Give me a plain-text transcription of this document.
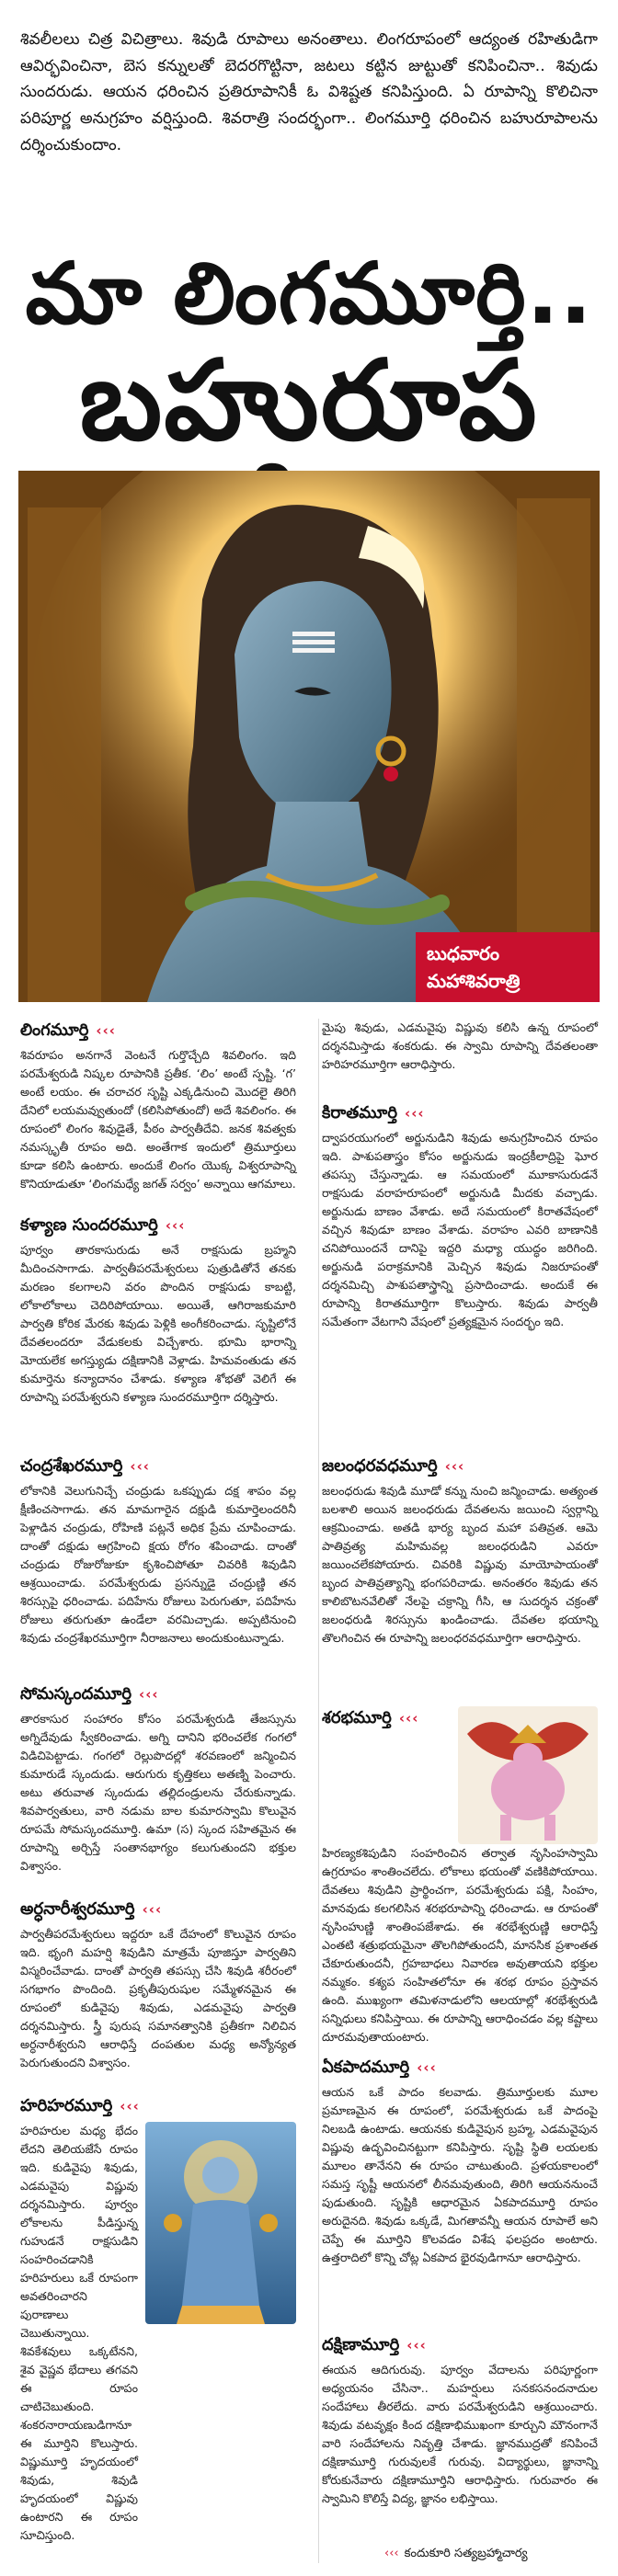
శివలీలలు చిత్ర విచిత్రాలు. శివుడి రూపాలు అనంతాలు. లింగరూపంలో ఆద్యంత రహితుడిగా ఆవిర్భవించినా, బెస కన్నులతో బెదరగొట్టినా, జటలు కట్టిన జుట్టుతో కనిపించినా.. శివుడు సుందరుడు. ఆయన ధరించిన ప్రతిరూపానికీ ఓ విశిష్టత కనిపిస్తుంది. ఏ రూపాన్ని కొలిచినా పరిపూర్ణ అనుగ్రహం వర్షిస్తుంది. శివరాత్రి సందర్భంగా.. లింగమూర్తి ధరించిన బహురూపాలను దర్శించుకుందాం.

మా లింగమూర్తి..
బహురూప
బుధవారం
మహాశివరాత్రి
లింగమూర్తి ‹‹‹

శివరూపం అనగానే వెంటనే గుర్తొచ్చేది శివలింగం. ఇది పరమేశ్వరుడి నిష్కల రూపానికి ప్రతీక. ‘లిం’ అంటే స్పష్టి. ‘గ’ అంటే లయం. ఈ చరాచర సృష్టి ఎక్కడినుంచి మొదలై తిరిగి దేనిలో లయమవ్వుతుందో (కలిసిపోతుందో) అదే శివలింగం. ఈ రూపంలో లింగం శివుడైతే, పీఠం పార్వతీదేవి. జనక శివత్వకు నమస్కృతీ రూపం అది. అంతేగాక ఇందులో త్రిమూర్తులు కూడా కలిసి ఉంటారు. అందుకే లింగం యొక్క విశ్వరూపాన్ని కొనియాడుతూ ‘లింగమధ్యే జగత్‌ సర్వం’ అన్నాయి ఆగమాలు.

కళ్యాణ సుందరమూర్తి ‹‹‹

పూర్వం తారకాసురుడు అనే రాక్షసుడు బ్రహ్మని మీదించసాగాడు. పార్వతీపరమేశ్వరులు పుత్రుడితోనే తనకు మరణం కలగాలని వరం పొందిన రాక్షసుడు కాబట్టి, లోకాలోకాలు చెదిరిపోయాయి. అయితే, ఆగిరాజకుమారి పార్వతి కోరిక మేరకు శివుడు పెళ్లికి అంగీకరించాడు. సృష్టిలోనే దేవతలందరూ వేడుకలకు విచ్చేశారు. భూమి భారాన్ని మోయలేక అగస్త్యుడు దక్షిణానికి వెళ్లాడు. హిమవంతుడు తన కుమార్తెను కన్యాదానం చేశాడు. కళ్యాణ శోభతో వెలిగే ఈ రూపాన్ని పరమేశ్వరుని కళ్యాణ సుందరమూర్తిగా దర్శిస్తారు.

చంద్రశేఖరమూర్తి ‹‹‹

లోకానికి వెలుగునిచ్చే చంద్రుడు ఒకప్పుడు దక్ష శాపం వల్ల క్షీణించసాగాడు. తన మామగారైన దక్షుడి కుమార్తెలందరినీ పెళ్లాడిన చంద్రుడు, రోహిణి పట్లనే అధిక ప్రేమ చూపించాడు. దాంతో దక్షుడు ఆగ్రహించి క్షయ రోగం శపించాడు. దాంతో చంద్రుడు రోజురోజుకూ కృశించిపోతూ చివరికి శివుడిని ఆశ్రయించాడు. పరమేశ్వరుడు ప్రసన్నుడై చంద్రుణ్ణి తన శిరస్సుపై ధరించాడు. పదిహేను రోజులు పెరుగుతూ, పదిహేను రోజులు తరుగుతూ ఉండేలా వరమిచ్చాడు. అప్పటినుంచి శివుడు చంద్రశేఖరమూర్తిగా నీరాజనాలు అందుకుంటున్నాడు.

సోమస్కందమూర్తి ‹‹‹

తారకాసుర సంహారం కోసం పరమేశ్వరుడి తేజస్సును అగ్నిదేవుడు స్వీకరించాడు. అగ్ని దానిని భరించలేక గంగలో విడిచిపెట్టాడు. గంగలో రెల్లుపొదల్లో శరవణంలో జన్మించిన కుమారుడే స్కందుడు. ఆరుగురు కృత్తికలు అతణ్ని పెంచారు. అటు తరువాత స్కందుడు తల్లిదండ్రులను చేరుకున్నాడు. శివపార్వతులు, వారి నడుమ బాల కుమారస్వామి కొలువైన రూపమే సోమస్కందమూర్తి. ఉమా (స) స్కంద సహితమైన ఈ రూపాన్ని అర్చిస్తే సంతానభాగ్యం కలుగుతుందని భక్తుల విశ్వాసం.

అర్ధనారీశ్వరమూర్తి ‹‹‹

పార్వతీపరమేశ్వరులు ఇద్దరూ ఒకే దేహంలో కొలువైన రూపం ఇది. భృంగి మహర్షి శివుడిని మాత్రమే పూజిస్తూ పార్వతిని విస్మరించేవాడు. దాంతో పార్వతి తపస్సు చేసి శివుడి శరీరంలో సగభాగం పొందింది. ప్రకృతీపురుషుల సమ్మేళనమైన ఈ రూపంలో కుడివైపు శివుడు, ఎడమవైపు పార్వతి దర్శనమిస్తారు. స్త్రీ పురుష సమానత్వానికి ప్రతీకగా నిలిచిన అర్ధనారీశ్వరుని ఆరాధిస్తే దంపతుల మధ్య అన్యోన్యత పెరుగుతుందని విశ్వాసం.

హరిహరమూర్తి ‹‹‹

హరిహరుల మధ్య భేదం లేదని తెలియజేసే రూపం ఇది. కుడివైపు శివుడు, ఎడమవైపు విష్ణువు దర్శనమిస్తారు. పూర్వం లోకాలను పీడిస్తున్న గుహుడనే రాక్షసుడిని సంహరించడానికి హరిహరులు ఒకే రూపంగా అవతరించారని పురాణాలు చెబుతున్నాయి. శివకేశవులు ఒక్కటేనని, శైవ వైష్ణవ భేదాలు తగవని ఈ రూపం చాటిచెబుతుంది. శంకరనారాయణుడిగానూ ఈ మూర్తిని కొలుస్తారు. విష్ణుమూర్తి హృదయంలో శివుడు, శివుడి హృదయంలో విష్ణువు ఉంటారని ఈ రూపం సూచిస్తుంది.

మైపు శివుడు, ఎడమవైపు విష్ణువు కలిసి ఉన్న రూపంలో దర్శనమిస్తాడు శంకరుడు. ఈ స్వామి రూపాన్ని దేవతలంతా హరిహరమూర్తిగా ఆరాధిస్తారు.

కిరాతమూర్తి ‹‹‹

ద్వాపరయుగంలో అర్జునుడిని శివుడు అనుగ్రహించిన రూపం ఇది. పాశుపతాస్త్రం కోసం అర్జునుడు ఇంద్రకీలాద్రిపై ఘోర తపస్సు చేస్తున్నాడు. ఆ సమయంలో మూకాసురుడనే రాక్షసుడు వరాహరూపంలో అర్జునుడి మీదకు వచ్చాడు. అర్జునుడు బాణం వేశాడు. అదే సమయంలో కిరాతవేషంలో వచ్చిన శివుడూ బాణం వేశాడు. వరాహం ఎవరి బాణానికి చనిపోయిందనే దానిపై ఇద్దరి మధ్యా యుద్ధం జరిగింది. అర్జునుడి పరాక్రమానికి మెచ్చిన శివుడు నిజరూపంతో దర్శనమిచ్చి పాశుపతాస్త్రాన్ని ప్రసాదించాడు. అందుకే ఈ రూపాన్ని కిరాతమూర్తిగా కొలుస్తారు. శివుడు పార్వతీ సమేతంగా వేటగాని వేషంలో ప్రత్యక్షమైన సందర్భం ఇది.

జలంధరవధమూర్తి ‹‹‹

జలంధరుడు శివుడి మూడో కన్ను నుంచి జన్మించాడు. అత్యంత బలశాలి అయిన జలంధరుడు దేవతలను జయించి స్వర్గాన్ని ఆక్రమించాడు. అతడి భార్య బృంద మహా పతివ్రత. ఆమె పాతివ్రత్య మహిమవల్ల జలంధరుడిని ఎవరూ జయించలేకపోయారు. చివరికి విష్ణువు మాయోపాయంతో బృంద పాతివ్రత్యాన్ని భంగపరిచాడు. అనంతరం శివుడు తన కాలిబొటనవేలితో నేలపై చక్రాన్ని గీసి, ఆ సుదర్శన చక్రంతో జలంధరుడి శిరస్సును ఖండించాడు. దేవతల భయాన్ని తొలగించిన ఈ రూపాన్ని జలంధరవధమూర్తిగా ఆరాధిస్తారు.

శరభమూర్తి ‹‹‹

హిరణ్యకశిపుడిని సంహరించిన తర్వాత నృసింహస్వామి ఉగ్రరూపం శాంతించలేదు. లోకాలు భయంతో వణికిపోయాయి. దేవతలు శివుడిని ప్రార్థించగా, పరమేశ్వరుడు పక్షి, సింహం, మానవుడు కలగలిసిన శరభరూపాన్ని ధరించాడు. ఆ రూపంతో నృసింహుణ్ణి శాంతింపజేశాడు. ఈ శరభేశ్వరుణ్ణి ఆరాధిస్తే ఎంతటి శత్రుభయమైనా తొలగిపోతుందనీ, మానసిక ప్రశాంతత చేకూరుతుందనీ, గ్రహబాధలు నివారణ అవుతాయని భక్తుల నమ్మకం. కశ్యప సంహితలోనూ ఈ శరభ రూపం ప్రస్తావన ఉంది. ముఖ్యంగా తమిళనాడులోని ఆలయాల్లో శరభేశ్వరుడి సన్నిధులు కనిపిస్తాయి. ఈ రూపాన్ని ఆరాధించడం వల్ల కష్టాలు దూరమవుతాయంటారు.

ఏకపాదమూర్తి ‹‹‹

ఆయన ఒకే పాదం కలవాడు. త్రిమూర్తులకు మూల ప్రమాణమైన ఈ రూపంలో, పరమేశ్వరుడు ఒకే పాదంపై నిలబడి ఉంటాడు. ఆయనకు కుడివైపున బ్రహ్మ, ఎడమవైపున విష్ణువు ఉద్భవించినట్టుగా కనిపిస్తారు. సృష్టి స్థితి లయలకు మూలం తానేనని ఈ రూపం చాటుతుంది. ప్రళయకాలంలో సమస్త సృష్టీ ఆయనలో లీనమవుతుంది, తిరిగి ఆయననుంచే పుడుతుంది. సృష్టికి ఆధారమైన ఏకపాదమూర్తి రూపం అరుదైనది. శివుడు ఒక్కడే, మిగతావన్నీ ఆయన రూపాలే అని చెప్పే ఈ మూర్తిని కొలవడం విశేష ఫలప్రదం అంటారు. ఉత్తరాదిలో కొన్ని చోట్ల ఏకపాద భైరవుడిగానూ ఆరాధిస్తారు.

దక్షిణామూర్తి ‹‹‹

ఈయన ఆదిగురువు. పూర్వం వేదాలను పరిపూర్ణంగా అధ్యయనం చేసినా.. మహర్షులు సనకసనందనాదుల సందేహాలు తీరలేదు. వారు పరమేశ్వరుడిని ఆశ్రయించారు. శివుడు వటవృక్షం కింద దక్షిణాభిముఖంగా కూర్చుని మౌనంగానే వారి సందేహాలను నివృత్తి చేశాడు. జ్ఞానముద్రతో కనిపించే దక్షిణామూర్తి గురువులకే గురువు. విద్యార్థులు, జ్ఞానాన్ని కోరుకునేవారు దక్షిణామూర్తిని ఆరాధిస్తారు. గురువారం ఈ స్వామిని కొలిస్తే విద్య, జ్ఞానం లభిస్తాయి.

‹‹‹ కందుకూరి సత్యబ్రహ్మాచార్య
